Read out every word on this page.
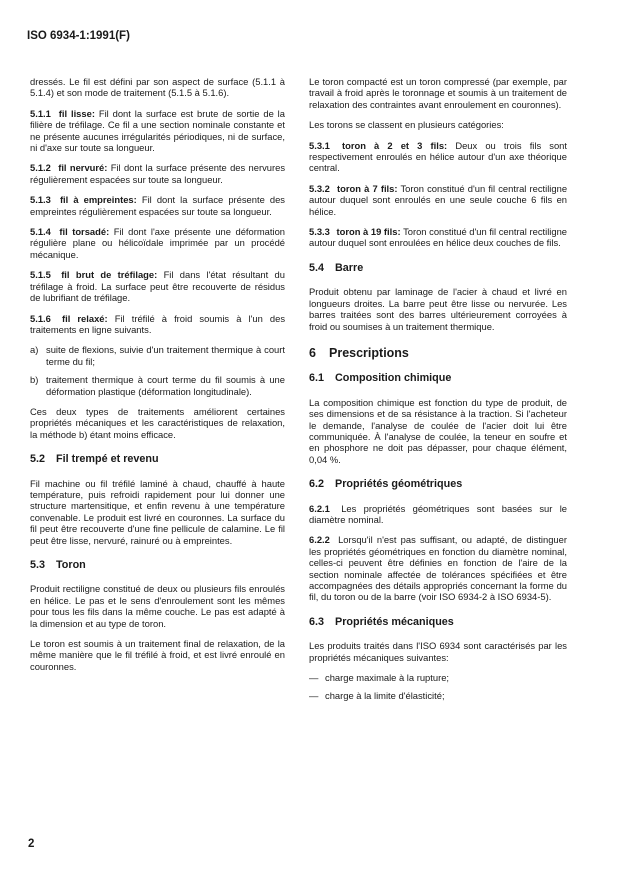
ISO 6934-1:1991(F)

dressés. Le fil est défini par son aspect de surface (5.1.1 à 5.1.4) et son mode de traitement (5.1.5 à 5.1.6).

5.1.1 fil lisse: Fil dont la surface est brute de sortie de la filière de tréfilage. Ce fil a une section nominale constante et ne présente aucunes irrégularités périodiques, ni de surface, ni d'axe sur toute sa longueur.

5.1.2 fil nervuré: Fil dont la surface présente des nervures régulièrement espacées sur toute sa longueur.

5.1.3 fil à empreintes: Fil dont la surface présente des empreintes régulièrement espacées sur toute sa longueur.

5.1.4 fil torsadé: Fil dont l'axe présente une déformation régulière plane ou hélicoïdale imprimée par un procédé mécanique.

5.1.5 fil brut de tréfilage: Fil dans l'état résultant du tréfilage à froid. La surface peut être recouverte de résidus de lubrifiant de tréfilage.

5.1.6 fil relaxé: Fil tréfilé à froid soumis à l'un des traitements en ligne suivants.

a) suite de flexions, suivie d'un traitement thermique à court terme du fil;
b) traitement thermique à court terme du fil soumis à une déformation plastique (déformation longitudinale).

Ces deux types de traitements améliorent certaines propriétés mécaniques et les caractéristiques de relaxation, la méthode b) étant moins efficace.

5.2 Fil trempé et revenu

Fil machine ou fil tréfilé laminé à chaud, chauffé à haute température, puis refroidi rapidement pour lui donner une structure martensitique, et enfin revenu à une température convenable. Le produit est livré en couronnes. La surface du fil peut être recouverte d'une fine pellicule de calamine. Le fil peut être lisse, nervuré, rainuré ou à empreintes.

5.3 Toron

Produit rectiligne constitué de deux ou plusieurs fils enroulés en hélice. Le pas et le sens d'enroulement sont les mêmes pour tous les fils dans la même couche. Le pas est adapté à la dimension et au type de toron.

Le toron est soumis à un traitement final de relaxation, de la même manière que le fil tréfilé à froid, et est livré enroulé en couronnes.

Le toron compacté est un toron compressé (par exemple, par travail à froid après le toronnage et soumis à un traitement de relaxation des contraintes avant enroulement en couronnes).

Les torons se classent en plusieurs catégories:

5.3.1 toron à 2 et 3 fils: Deux ou trois fils sont respectivement enroulés en hélice autour d'un axe théorique central.

5.3.2 toron à 7 fils: Toron constitué d'un fil central rectiligne autour duquel sont enroulés en une seule couche 6 fils en hélice.

5.3.3 toron à 19 fils: Toron constitué d'un fil central rectiligne autour duquel sont enroulées en hélice deux couches de fils.

5.4 Barre

Produit obtenu par laminage de l'acier à chaud et livré en longueurs droites. La barre peut être lisse ou nervurée. Les barres traitées sont des barres ultérieurement corroyées à froid ou soumises à un traitement thermique.

6 Prescriptions
6.1 Composition chimique

La composition chimique est fonction du type de produit, de ses dimensions et de sa résistance à la traction. Si l'acheteur le demande, l'analyse de coulée de l'acier doit lui être communiquée. À l'analyse de coulée, la teneur en soufre et en phosphore ne doit pas dépasser, pour chaque élément, 0,04 %.

6.2 Propriétés géométriques

6.2.1 Les propriétés géométriques sont basées sur le diamètre nominal.

6.2.2 Lorsqu'il n'est pas suffisant, ou adapté, de distinguer les propriétés géométriques en fonction du diamètre nominal, celles-ci peuvent être définies en fonction de l'aire de la section nominale affectée de tolérances spécifiées et être accompagnées des détails appropriés concernant la forme du fil, du toron ou de la barre (voir ISO 6934-2 à ISO 6934-5).

6.3 Propriétés mécaniques

Les produits traités dans l'ISO 6934 sont caractérisés par les propriétés mécaniques suivantes:

— charge maximale à la rupture;
— charge à la limite d'élasticité;
2
